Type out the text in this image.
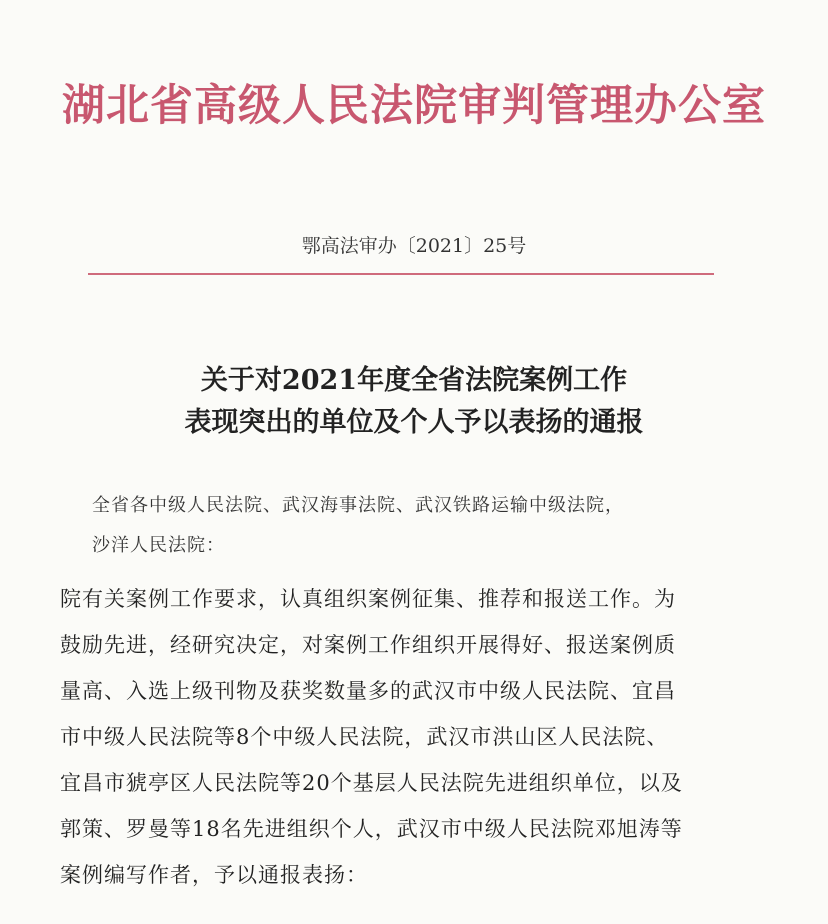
湖北省高级人民法院审判管理办公室
鄂高法审办〔2021〕25号
关于对2021年度全省法院案例工作
表现突出的单位及个人予以表扬的通报
全省各中级人民法院、武汉海事法院、武汉铁路运输中级法院，
沙洋人民法院：
院有关案例工作要求，认真组织案例征集、推荐和报送工作。为
鼓励先进，经研究决定，对案例工作组织开展得好、报送案例质
量高、入选上级刊物及获奖数量多的武汉市中级人民法院、宜昌
市中级人民法院等8个中级人民法院，武汉市洪山区人民法院、
宜昌市猇亭区人民法院等20个基层人民法院先进组织单位，以及
郭策、罗曼等18名先进组织个人，武汉市中级人民法院邓旭涛等
案例编写作者，予以通报表扬：
